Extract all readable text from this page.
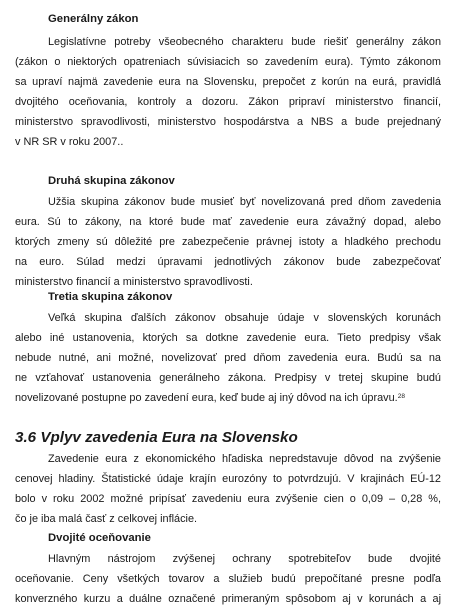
Generálny zákon
Legislatívne potreby všeobecného charakteru bude riešiť generálny zákon
(zákon o niektorých opatreniach súvisiacich so zavedením eura). Týmto zákonom
sa upraví najmä zavedenie eura na Slovensku, prepočet z korún na eurá, pravidlá
dvojitého oceňovania, kontroly a dozoru. Zákon pripraví ministerstvo financií,
ministerstvo spravodlivosti, ministerstvo hospodárstva a NBS a bude prejednaný
v NR SR v roku 2007..
Druhá skupina zákonov
Užšia skupina zákonov bude musieť byť novelizovaná pred dňom zavedenia
eura. Sú to zákony, na ktoré bude mať zavedenie eura závažný dopad, alebo
ktorých zmeny sú dôležité pre zabezpečenie právnej istoty a hladkého prechodu
na euro. Súlad medzi úpravami jednotlivých zákonov bude zabezpečovať
ministerstvo financií a ministerstvo spravodlivosti.
Tretia skupina zákonov
Veľká skupina ďalších zákonov obsahuje údaje v slovenských korunách
alebo iné ustanovenia, ktorých sa dotkne zavedenie eura. Tieto predpisy však
nebude nutné, ani možné, novelizovať pred dňom zavedenia eura. Budú sa na
ne vzťahovať ustanovenia generálneho zákona. Predpisy v tretej skupine budú
novelizované postupne po zavedení eura, keď bude aj iný dôvod na ich úpravu.$^{28}$
3.6 Vplyv zavedenia Eura na Slovensko
Zavedenie eura z ekonomického hľadiska nepredstavuje dôvod na zvýšenie
cenovej hladiny. Štatistické údaje krajín eurozóny to potvrdzujú. V krajinách EÚ-12
bolo v roku 2002 možné pripísať zavedeniu eura zvýšenie cien o 0,09 – 0,28 %,
čo je iba malá časť z celkovej inflácie.
Dvojité oceňovanie
Hlavným nástrojom zvýšenej ochrany spotrebiteľov bude dvojité
oceňovanie. Ceny všetkých tovarov a služieb budú prepočítané presne podľa
konverzného kurzu a duálne označené primeraným spôsobom aj v korunách a aj
